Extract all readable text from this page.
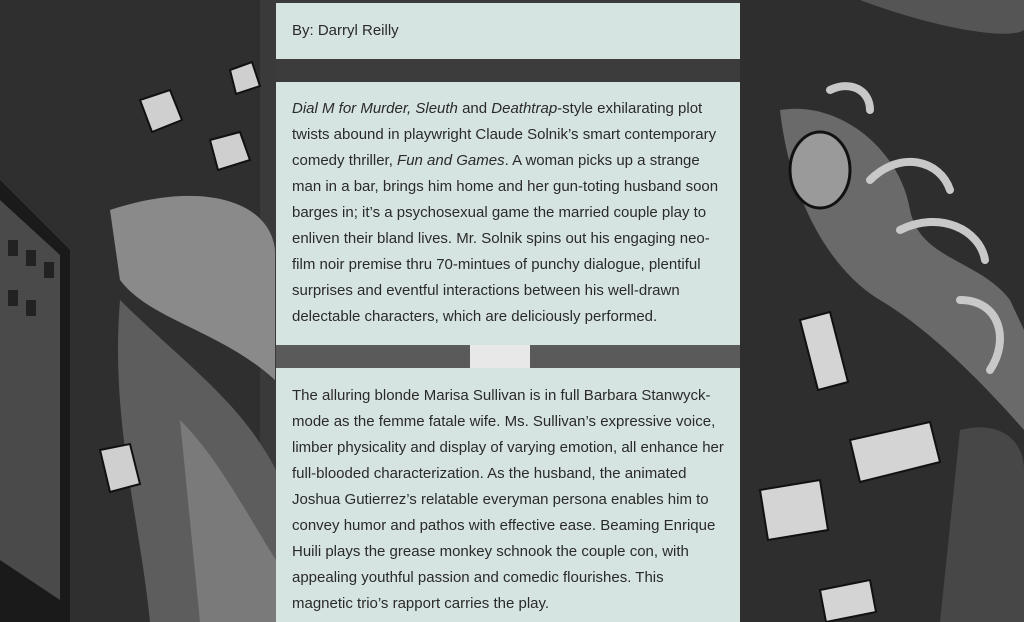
By: Darryl Reilly

Dial M for Murder, Sleuth and Deathtrap-style exhilarating plot twists abound in playwright Claude Solnik’s smart contemporary comedy thriller, Fun and Games. A woman picks up a strange man in a bar, brings him home and her gun-toting husband soon barges in; it’s a psychosexual game the married couple play to enliven their bland lives. Mr. Solnik spins out his engaging neo-film noir premise thru 70-mintues of punchy dialogue, plentiful surprises and eventful interactions between his well-drawn delectable characters, which are deliciously performed.

The alluring blonde Marisa Sullivan is in full Barbara Stanwyck-mode as the femme fatale wife. Ms. Sullivan’s expressive voice, limber physicality and display of varying emotion, all enhance her full-blooded characterization. As the husband, the animated Joshua Gutierrez’s relatable everyman persona enables him to convey humor and pathos with effective ease. Beaming Enrique Huili plays the grease monkey schnook the couple con, with appealing youthful passion and comedic flourishes. This magnetic trio’s rapport carries the play.
